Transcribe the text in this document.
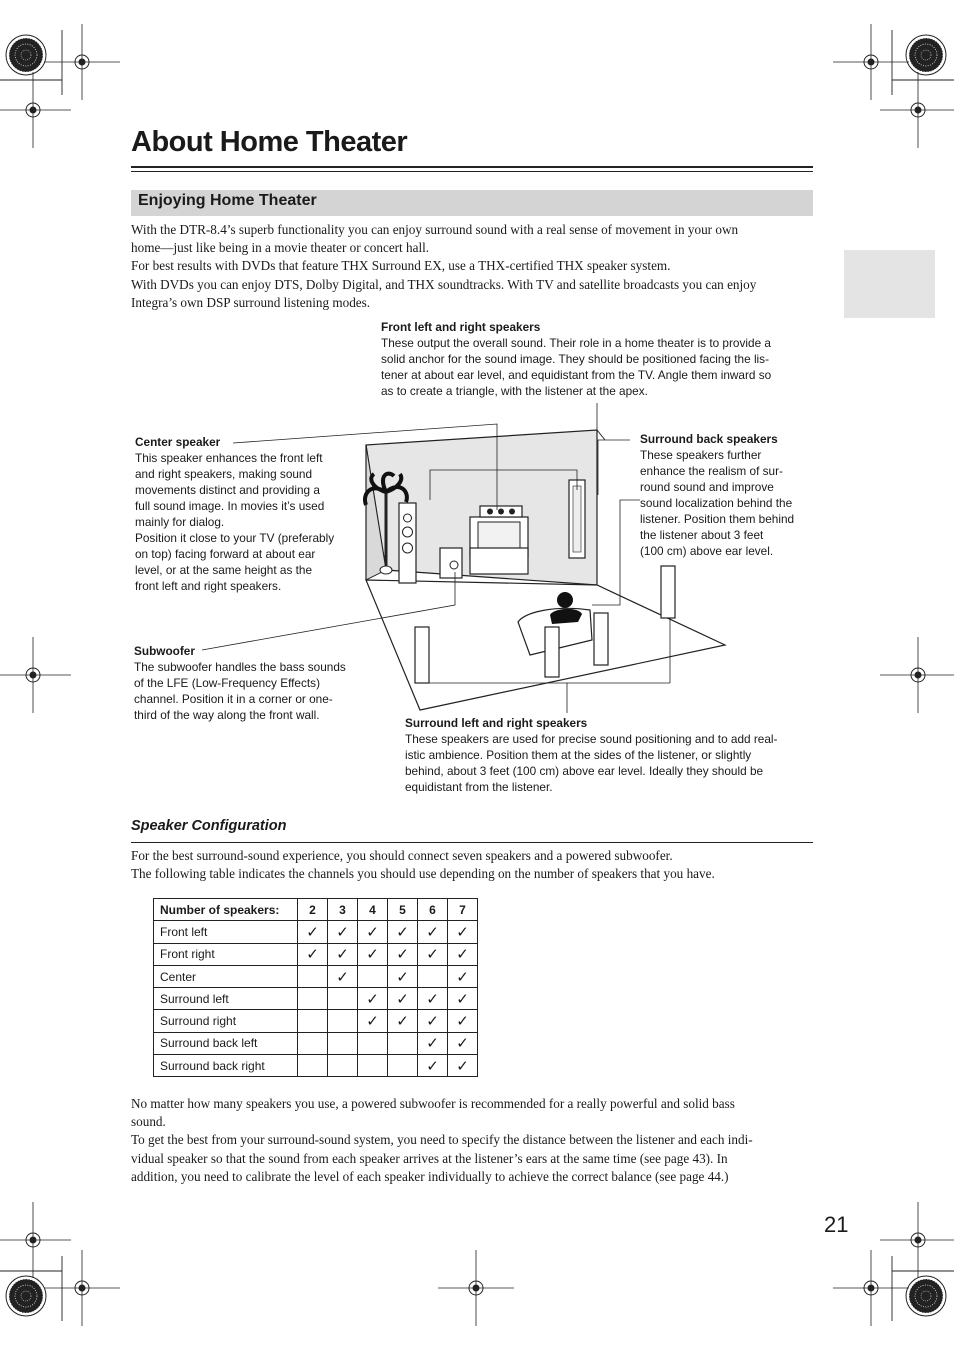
About Home Theater
Enjoying Home Theater
With the DTR-8.4’s superb functionality you can enjoy surround sound with a real sense of movement in your own
home—just like being in a movie theater or concert hall.
For best results with DVDs that feature THX Surround EX, use a THX-certified THX speaker system.
With DVDs you can enjoy DTS, Dolby Digital, and THX soundtracks. With TV and satellite broadcasts you can enjoy
Integra’s own DSP surround listening modes.
Front left and right speakers
These output the overall sound. Their role in a home theater is to provide a
solid anchor for the sound image. They should be positioned facing the lis-
tener at about ear level, and equidistant from the TV. Angle them inward so
as to create a triangle, with the listener at the apex.
Center speaker
This speaker enhances the front left
and right speakers, making sound
movements distinct and providing a
full sound image. In movies it’s used
mainly for dialog.
Position it close to your TV (preferably
on top) facing forward at about ear
level, or at the same height as the
front left and right speakers.
Surround back speakers
These speakers further
enhance the realism of sur-
round sound and improve
sound localization behind the
listener. Position them behind
the listener about 3 feet
(100 cm) above ear level.
Subwoofer
The subwoofer handles the bass sounds
of the LFE (Low-Frequency Effects)
channel. Position it in a corner or one-
third of the way along the front wall.
Surround left and right speakers
These speakers are used for precise sound positioning and to add real-
istic ambience. Position them at the sides of the listener, or slightly
behind, about 3 feet (100 cm) above ear level. Ideally they should be
equidistant from the listener.
Speaker Configuration
For the best surround-sound experience, you should connect seven speakers and a powered subwoofer.
The following table indicates the channels you should use depending on the number of speakers that you have.
Number of speakers:	2	3	4	5	6	7
Front left	✓	✓	✓	✓	✓	✓
Front right	✓	✓	✓	✓	✓	✓
Center		✓		✓		✓
Surround left			✓	✓	✓	✓
Surround right			✓	✓	✓	✓
Surround back left					✓	✓
Surround back right					✓	✓
No matter how many speakers you use, a powered subwoofer is recommended for a really powerful and solid bass
sound.
To get the best from your surround-sound system, you need to specify the distance between the listener and each indi-
vidual speaker so that the sound from each speaker arrives at the listener’s ears at the same time (see page 43). In
addition, you need to calibrate the level of each speaker individually to achieve the correct balance (see page 44.)
21
